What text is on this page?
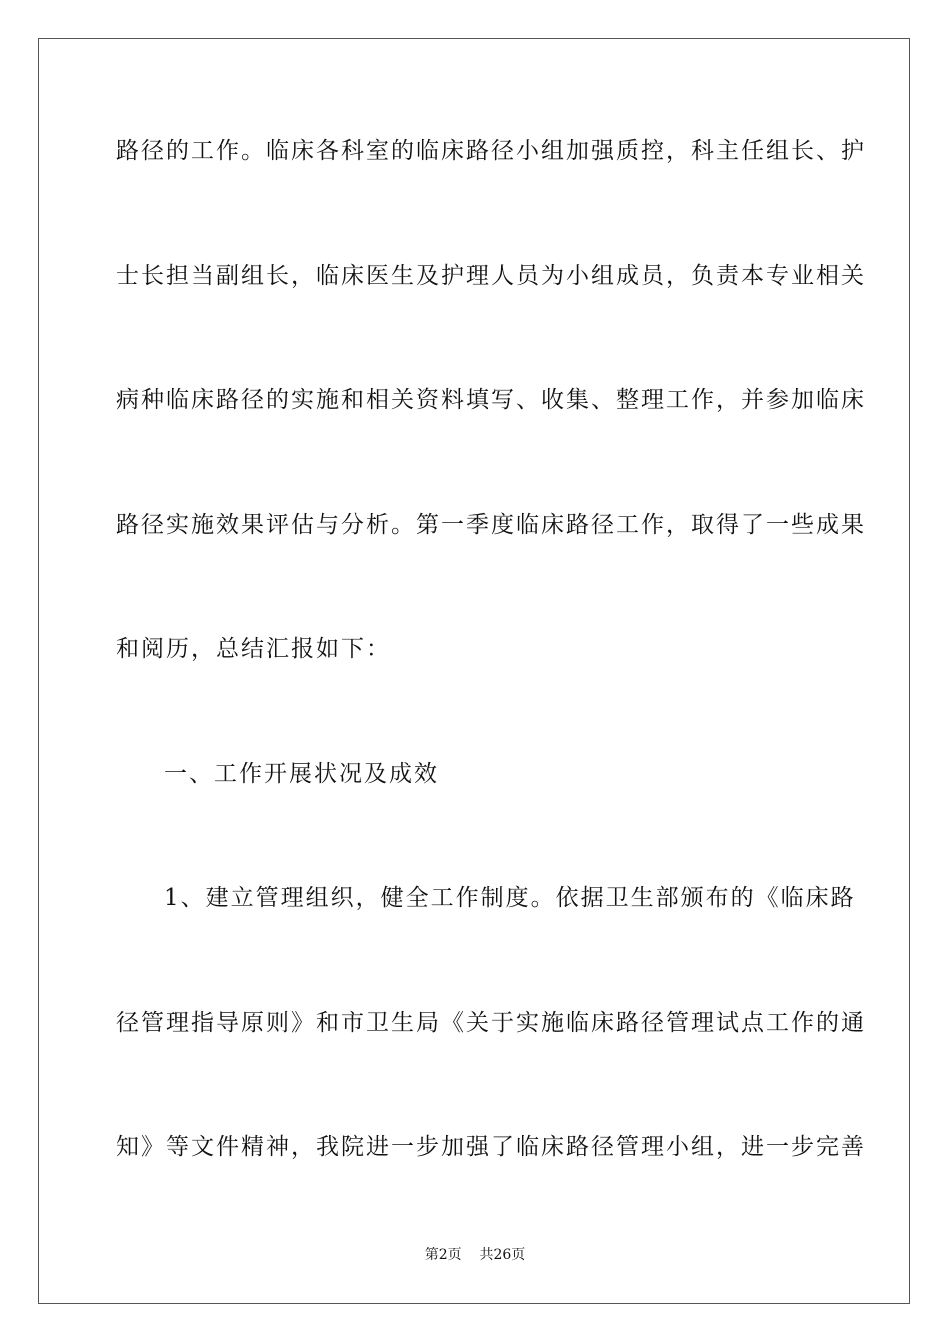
路径的工作。临床各科室的临床路径小组加强质控，科主任组长、护
士长担当副组长，临床医生及护理人员为小组成员，负责本专业相关
病种临床路径的实施和相关资料填写、收集、整理工作，并参加临床
路径实施效果评估与分析。第一季度临床路径工作，取得了一些成果
和阅历，总结汇报如下：
一、工作开展状况及成效
1、建立管理组织，健全工作制度。依据卫生部颁布的《临床路
径管理指导原则》和市卫生局《关于实施临床路径管理试点工作的通
知》等文件精神，我院进一步加强了临床路径管理小组，进一步完善
第2页 共26页
